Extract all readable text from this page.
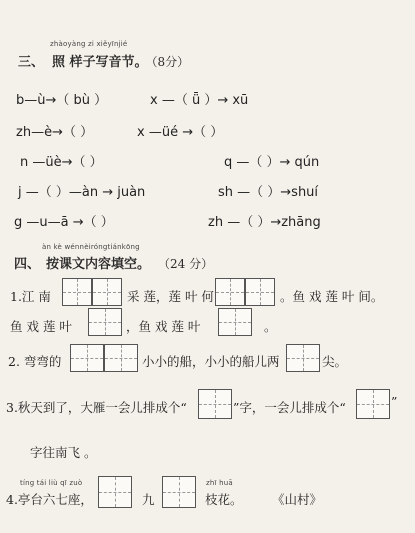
zhàoyàng zi xiěyīnjié
三、 照 样子写音节。 （8分）
b—ù→（ bù ）	x —（ ǖ ）→ xū
zh—è→（ ）	x —üé →（ ）
n —üè→（ ）	q —（ ）→ qún
j —（ ）—àn → juàn	sh —（ ）→shuí
g —u—ā →（ ）	zh —（ ）→zhāng
àn kè wénnèiróngtiánkōng
四、 按课文内容填空。 （24 分）
1.江 南	采 莲，莲 叶 何	。鱼 戏 莲 叶 间。
鱼 戏 莲 叶	，鱼 戏 莲 叶	。
2. 弯弯的	小小的船，小小的船儿两	尖。
3.秋天到了，大雁一会儿排成个“	”字，一会儿排成个“	”
字往南飞 。
tíng tái liù qī zuò
4.亭台六七座，	九
zhī huā
枝花。 《山村》
